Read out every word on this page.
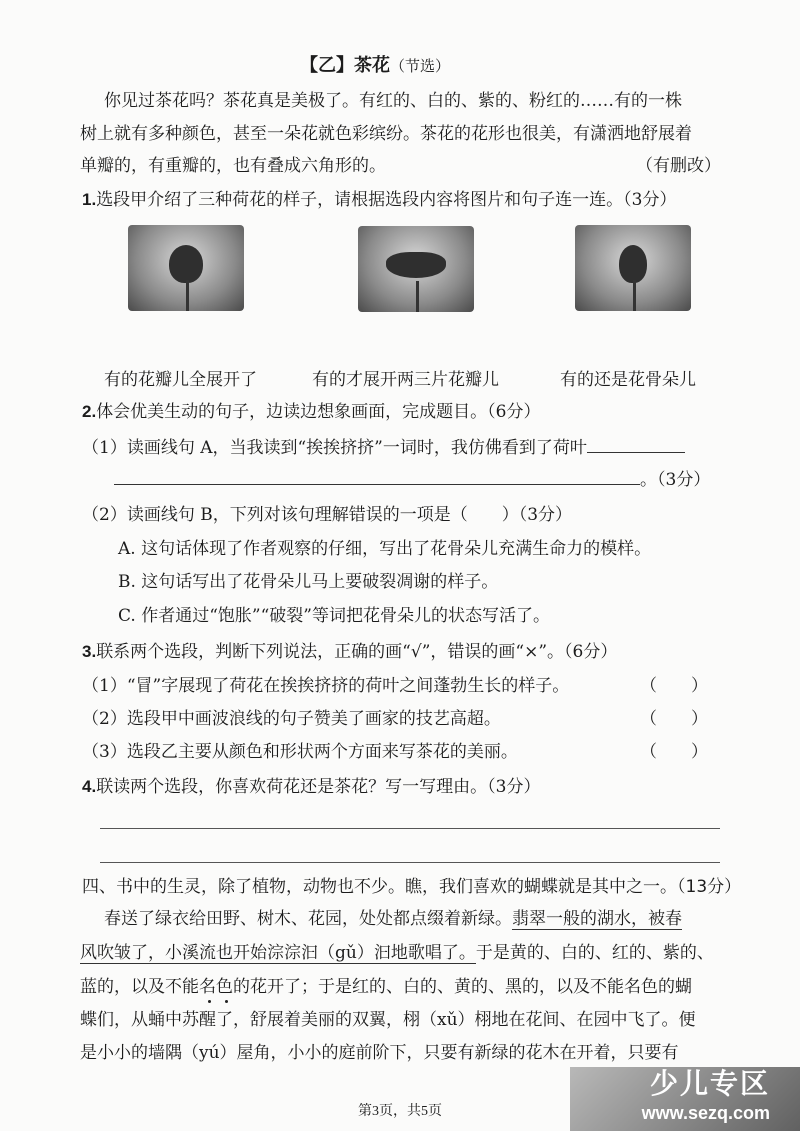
【乙】茶花（节选）
你见过茶花吗？茶花真是美极了。有红的、白的、紫的、粉红的……有的一株
树上就有多种颜色，甚至一朵花就色彩缤纷。茶花的花形也很美，有潇洒地舒展着
单瓣的，有重瓣的，也有叠成六角形的。	（有删改）
1.选段甲介绍了三种荷花的样子，请根据选段内容将图片和句子连一连。（3分）
有的花瓣儿全展开了	有的才展开两三片花瓣儿	有的还是花骨朵儿
2.体会优美生动的句子，边读边想象画面，完成题目。（6分）
（1）读画线句 A，当我读到“挨挨挤挤”一词时，我仿佛看到了荷叶
。（3分）
（2）读画线句 B，下列对该句理解错误的一项是（　　）（3分）
A. 这句话体现了作者观察的仔细，写出了花骨朵儿充满生命力的模样。
B. 这句话写出了花骨朵儿马上要破裂凋谢的样子。
C. 作者通过“饱胀”“破裂”等词把花骨朵儿的状态写活了。
3.联系两个选段，判断下列说法，正确的画“√”，错误的画“×”。（6分）
（1）“冒”字展现了荷花在挨挨挤挤的荷叶之间蓬勃生长的样子。	（　　）
（2）选段甲中画波浪线的句子赞美了画家的技艺高超。	（　　）
（3）选段乙主要从颜色和形状两个方面来写茶花的美丽。	（　　）
4.联读两个选段，你喜欢荷花还是茶花？写一写理由。（3分）
四、书中的生灵，除了植物，动物也不少。瞧，我们喜欢的蝴蝶就是其中之一。（13分）
春送了绿衣给田野、树木、花园，处处都点缀着新绿。翡翠一般的湖水，被春
风吹皱了，小溪流也开始淙淙汩（gǔ）汩地歌唱了。于是黄的、白的、红的、紫的、
蓝的，以及不能名色的花开了；于是红的、白的、黄的、黑的，以及不能名色的蝴
蝶们，从蛹中苏醒了，舒展着美丽的双翼，栩（xǔ）栩地在花间、在园中飞了。便
是小小的墙隅（yú）屋角，小小的庭前阶下，只要有新绿的花木在开着，只要有
第3页，共5页
少儿专区
www.sezq.com
